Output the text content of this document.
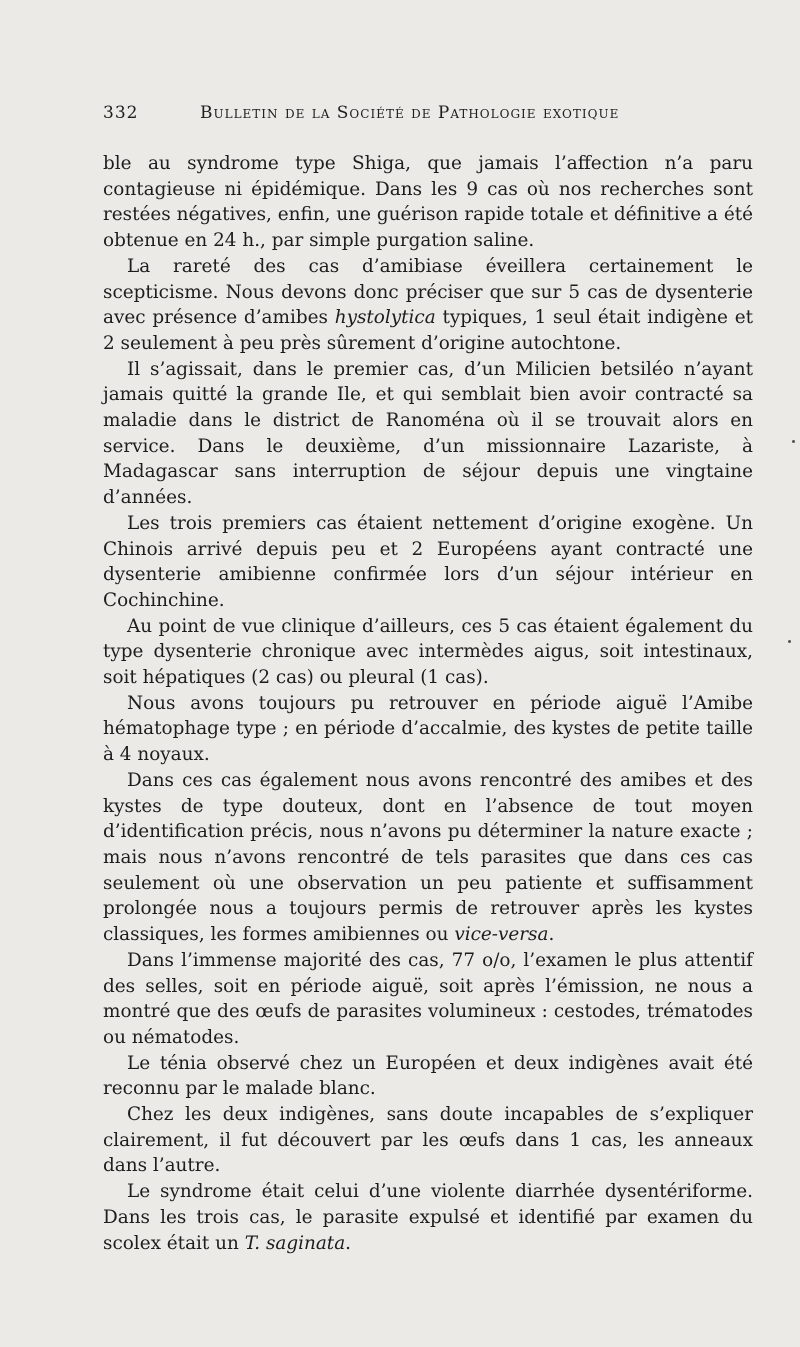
332	Bulletin de la Société de Pathologie exotique

ble au syndrome type Shiga, que jamais l’affection n’a paru contagieuse ni épidémique. Dans les 9 cas où nos recherches sont restées négatives, enfin, une guérison rapide totale et définitive a été obtenue en 24 h., par simple purgation saline.

La rareté des cas d’amibiase éveillera certainement le scepticisme. Nous devons donc préciser que sur 5 cas de dysenterie avec présence d’amibes hystolytica typiques, 1 seul était indigène et 2 seulement à peu près sûrement d’origine autochtone.

Il s’agissait, dans le premier cas, d’un Milicien betsiléo n’ayant jamais quitté la grande Ile, et qui semblait bien avoir contracté sa maladie dans le district de Ranoména où il se trouvait alors en service. Dans le deuxième, d’un missionnaire Lazariste, à Madagascar sans interruption de séjour depuis une vingtaine d’années.

Les trois premiers cas étaient nettement d’origine exogène. Un Chinois arrivé depuis peu et 2 Européens ayant contracté une dysenterie amibienne confirmée lors d’un séjour intérieur en Cochinchine.

Au point de vue clinique d’ailleurs, ces 5 cas étaient également du type dysenterie chronique avec intermèdes aigus, soit intestinaux, soit hépatiques (2 cas) ou pleural (1 cas).

Nous avons toujours pu retrouver en période aiguë l’Amibe hématophage type ; en période d’accalmie, des kystes de petite taille à 4 noyaux.

Dans ces cas également nous avons rencontré des amibes et des kystes de type douteux, dont en l’absence de tout moyen d’identification précis, nous n’avons pu déterminer la nature exacte ; mais nous n’avons rencontré de tels parasites que dans ces cas seulement où une observation un peu patiente et suffisamment prolongée nous a toujours permis de retrouver après les kystes classiques, les formes amibiennes ou vice-versa.

Dans l’immense majorité des cas, 77 o/o, l’examen le plus attentif des selles, soit en période aiguë, soit après l’émission, ne nous a montré que des œufs de parasites volumineux : cestodes, trématodes ou nématodes.

Le ténia observé chez un Européen et deux indigènes avait été reconnu par le malade blanc.

Chez les deux indigènes, sans doute incapables de s’expliquer clairement, il fut découvert par les œufs dans 1 cas, les anneaux dans l’autre.

Le syndrome était celui d’une violente diarrhée dysentériforme. Dans les trois cas, le parasite expulsé et identifié par examen du scolex était un T. saginata.
